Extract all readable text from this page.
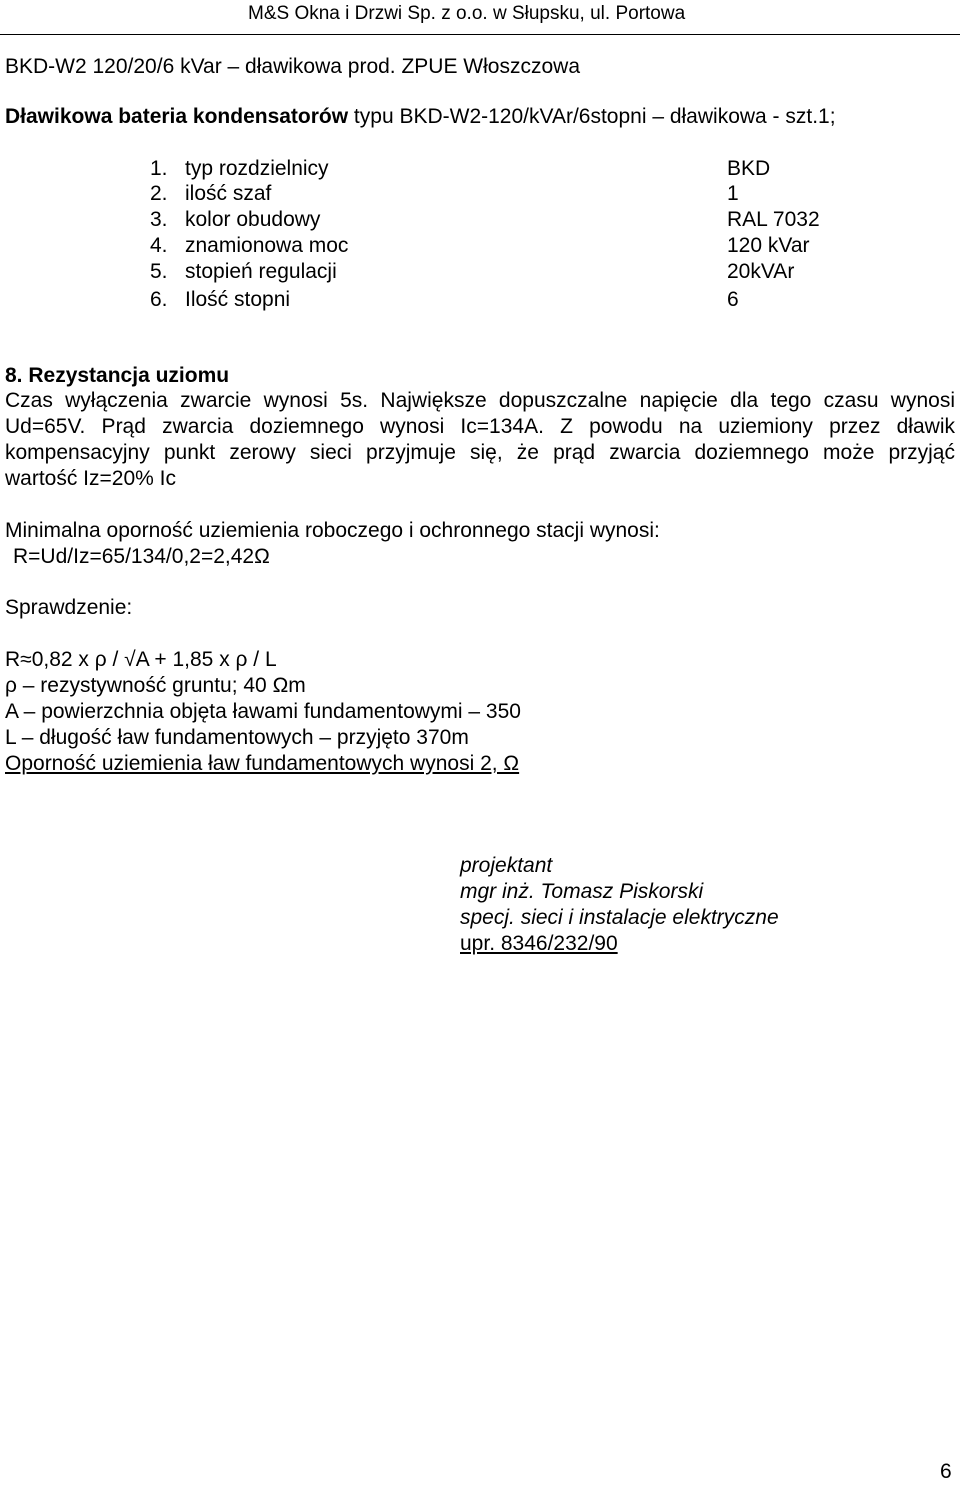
M&S Okna i Drzwi Sp. z o.o. w Słupsku, ul. Portowa
BKD-W2 120/20/6 kVar – dławikowa prod. ZPUE Włoszczowa
Dławikowa bateria kondensatorów typu BKD-W2-120/kVAr/6stopni – dławikowa - szt.1;
1. typ rozdzielnicy	BKD
2. ilość szaf	1
3. kolor obudowy	RAL 7032
4. znamionowa moc	120 kVar
5. stopień regulacji	20kVAr
6. Ilość stopni	6
8. Rezystancja uziomu
Czas wyłączenia zwarcie wynosi 5s. Największe dopuszczalne napięcie dla tego czasu wynosi
Ud=65V. Prąd zwarcia doziemnego wynosi Ic=134A. Z powodu na uziemiony przez dławik
kompensacyjny punkt zerowy sieci przyjmuje się, że prąd zwarcia doziemnego może przyjąć
wartość Iz=20% Ic
Minimalna oporność uziemienia roboczego i ochronnego stacji wynosi:
R=Ud/Iz=65/134/0,2=2,42Ω
Sprawdzenie:
R≈0,82 x ρ / √A + 1,85 x ρ / L
ρ – rezystywność gruntu; 40 Ωm
A – powierzchnia objęta ławami fundamentowymi – 350
L – długość ław fundamentowych – przyjęto 370m
Oporność uziemienia ław fundamentowych wynosi 2, Ω
projektant
mgr inż. Tomasz Piskorski
specj. sieci i instalacje elektryczne
upr. 8346/232/90
6
